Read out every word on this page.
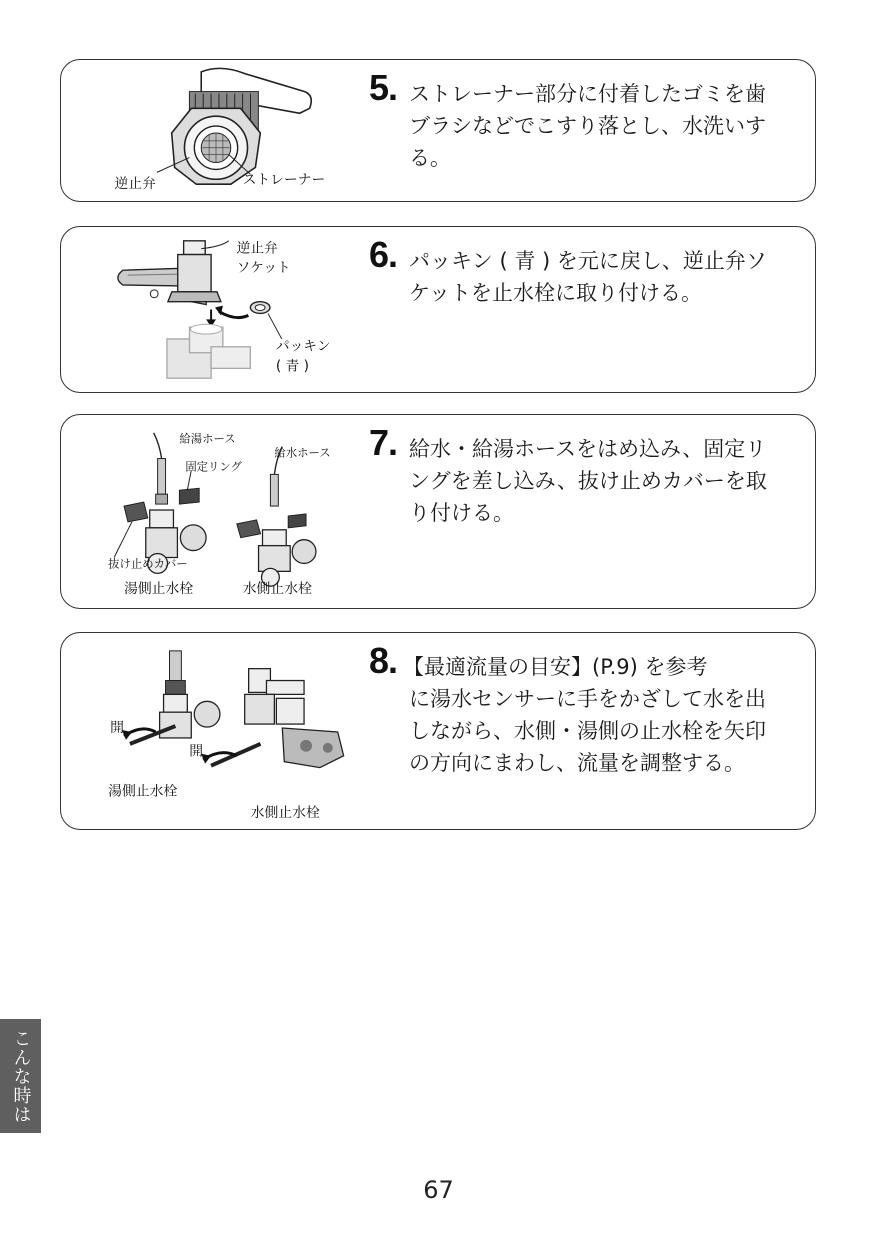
逆止弁	ストレーナー
5. ストレーナー部分に付着したゴミを歯

ブラシなどでこすり落とし、水洗いす

る。

逆止弁
ソケット
パッキン
( 青 )
6. パッキン ( 青 ) を元に戻し、逆止弁ソ

ケットを止水栓に取り付ける。

給湯ホース
固定リング
給水ホース
抜け止めカバー
湯側止水栓	水側止水栓
7. 給水・給湯ホースをはめ込み、固定リ

ングを差し込み、抜け止めカバーを取

り付ける。

開
開
湯側止水栓
水側止水栓
8. 【最適流量の目安】(P.9) を参考

に湯水センサーに手をかざして水を出

しながら、水側・湯側の止水栓を矢印

の方向にまわし、流量を調整する。

こんな時は
67
